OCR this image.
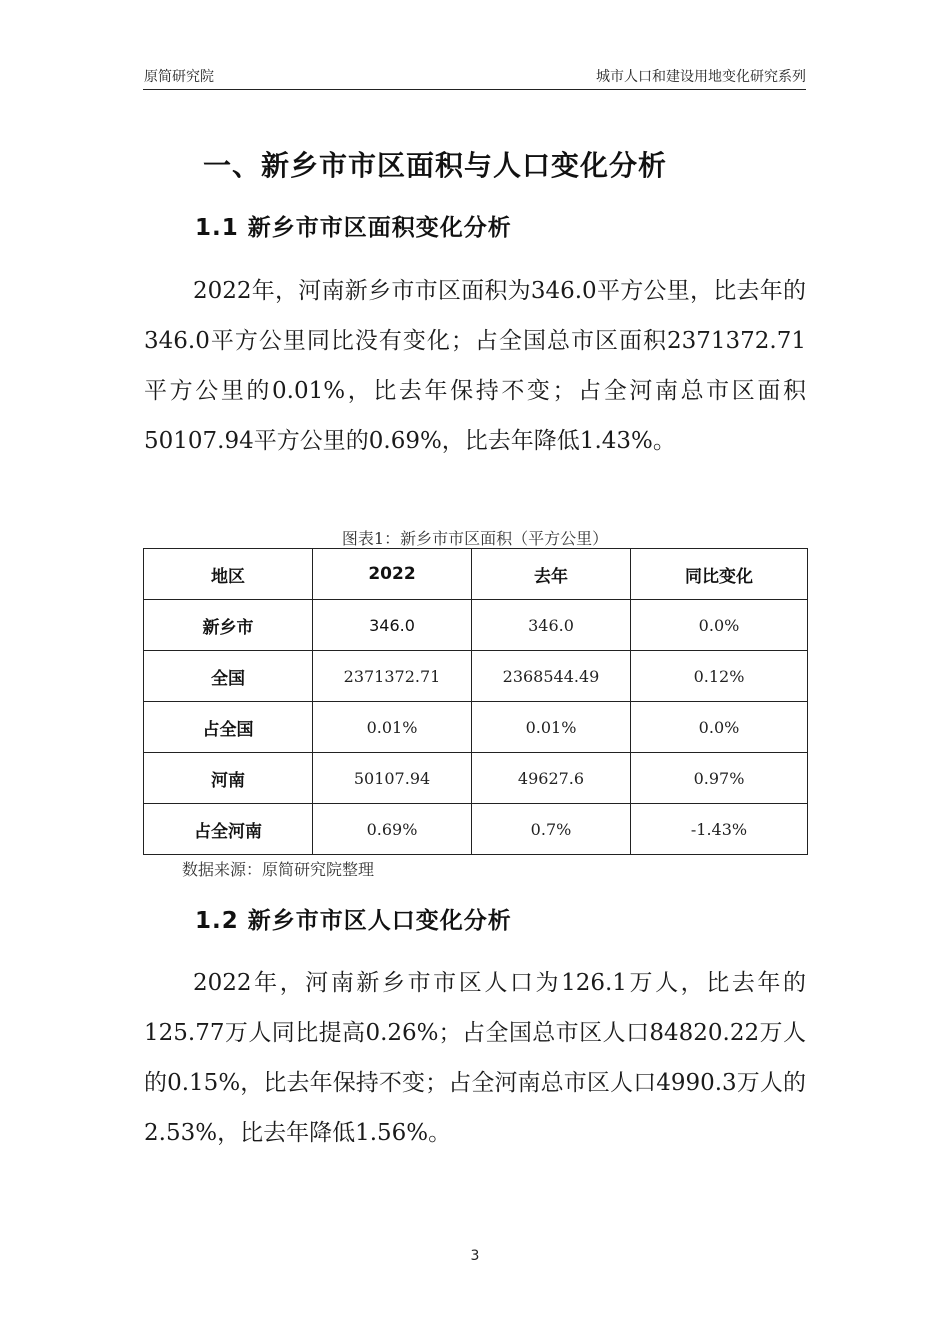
原简研究院	城市人口和建设用地变化研究系列
一、新乡市市区面积与人口变化分析
1.1 新乡市市区面积变化分析
2022年，河南新乡市市区面积为346.0平方公里，比去年的346.0平方公里同比没有变化；占全国总市区面积2371372.71平方公里的0.01%，比去年保持不变；占全河南总市区面积50107.94平方公里的0.69%，比去年降低1.43%。
图表1：新乡市市区面积（平方公里）
地区	2022	去年	同比变化
新乡市	346.0	346.0	0.0%
全国	2371372.71	2368544.49	0.12%
占全国	0.01%	0.01%	0.0%
河南	50107.94	49627.6	0.97%
占全河南	0.69%	0.7%	-1.43%
数据来源：原简研究院整理
1.2 新乡市市区人口变化分析
2022年，河南新乡市市区人口为126.1万人，比去年的125.77万人同比提高0.26%；占全国总市区人口84820.22万人的0.15%，比去年保持不变；占全河南总市区人口4990.3万人的2.53%，比去年降低1.56%。
3
